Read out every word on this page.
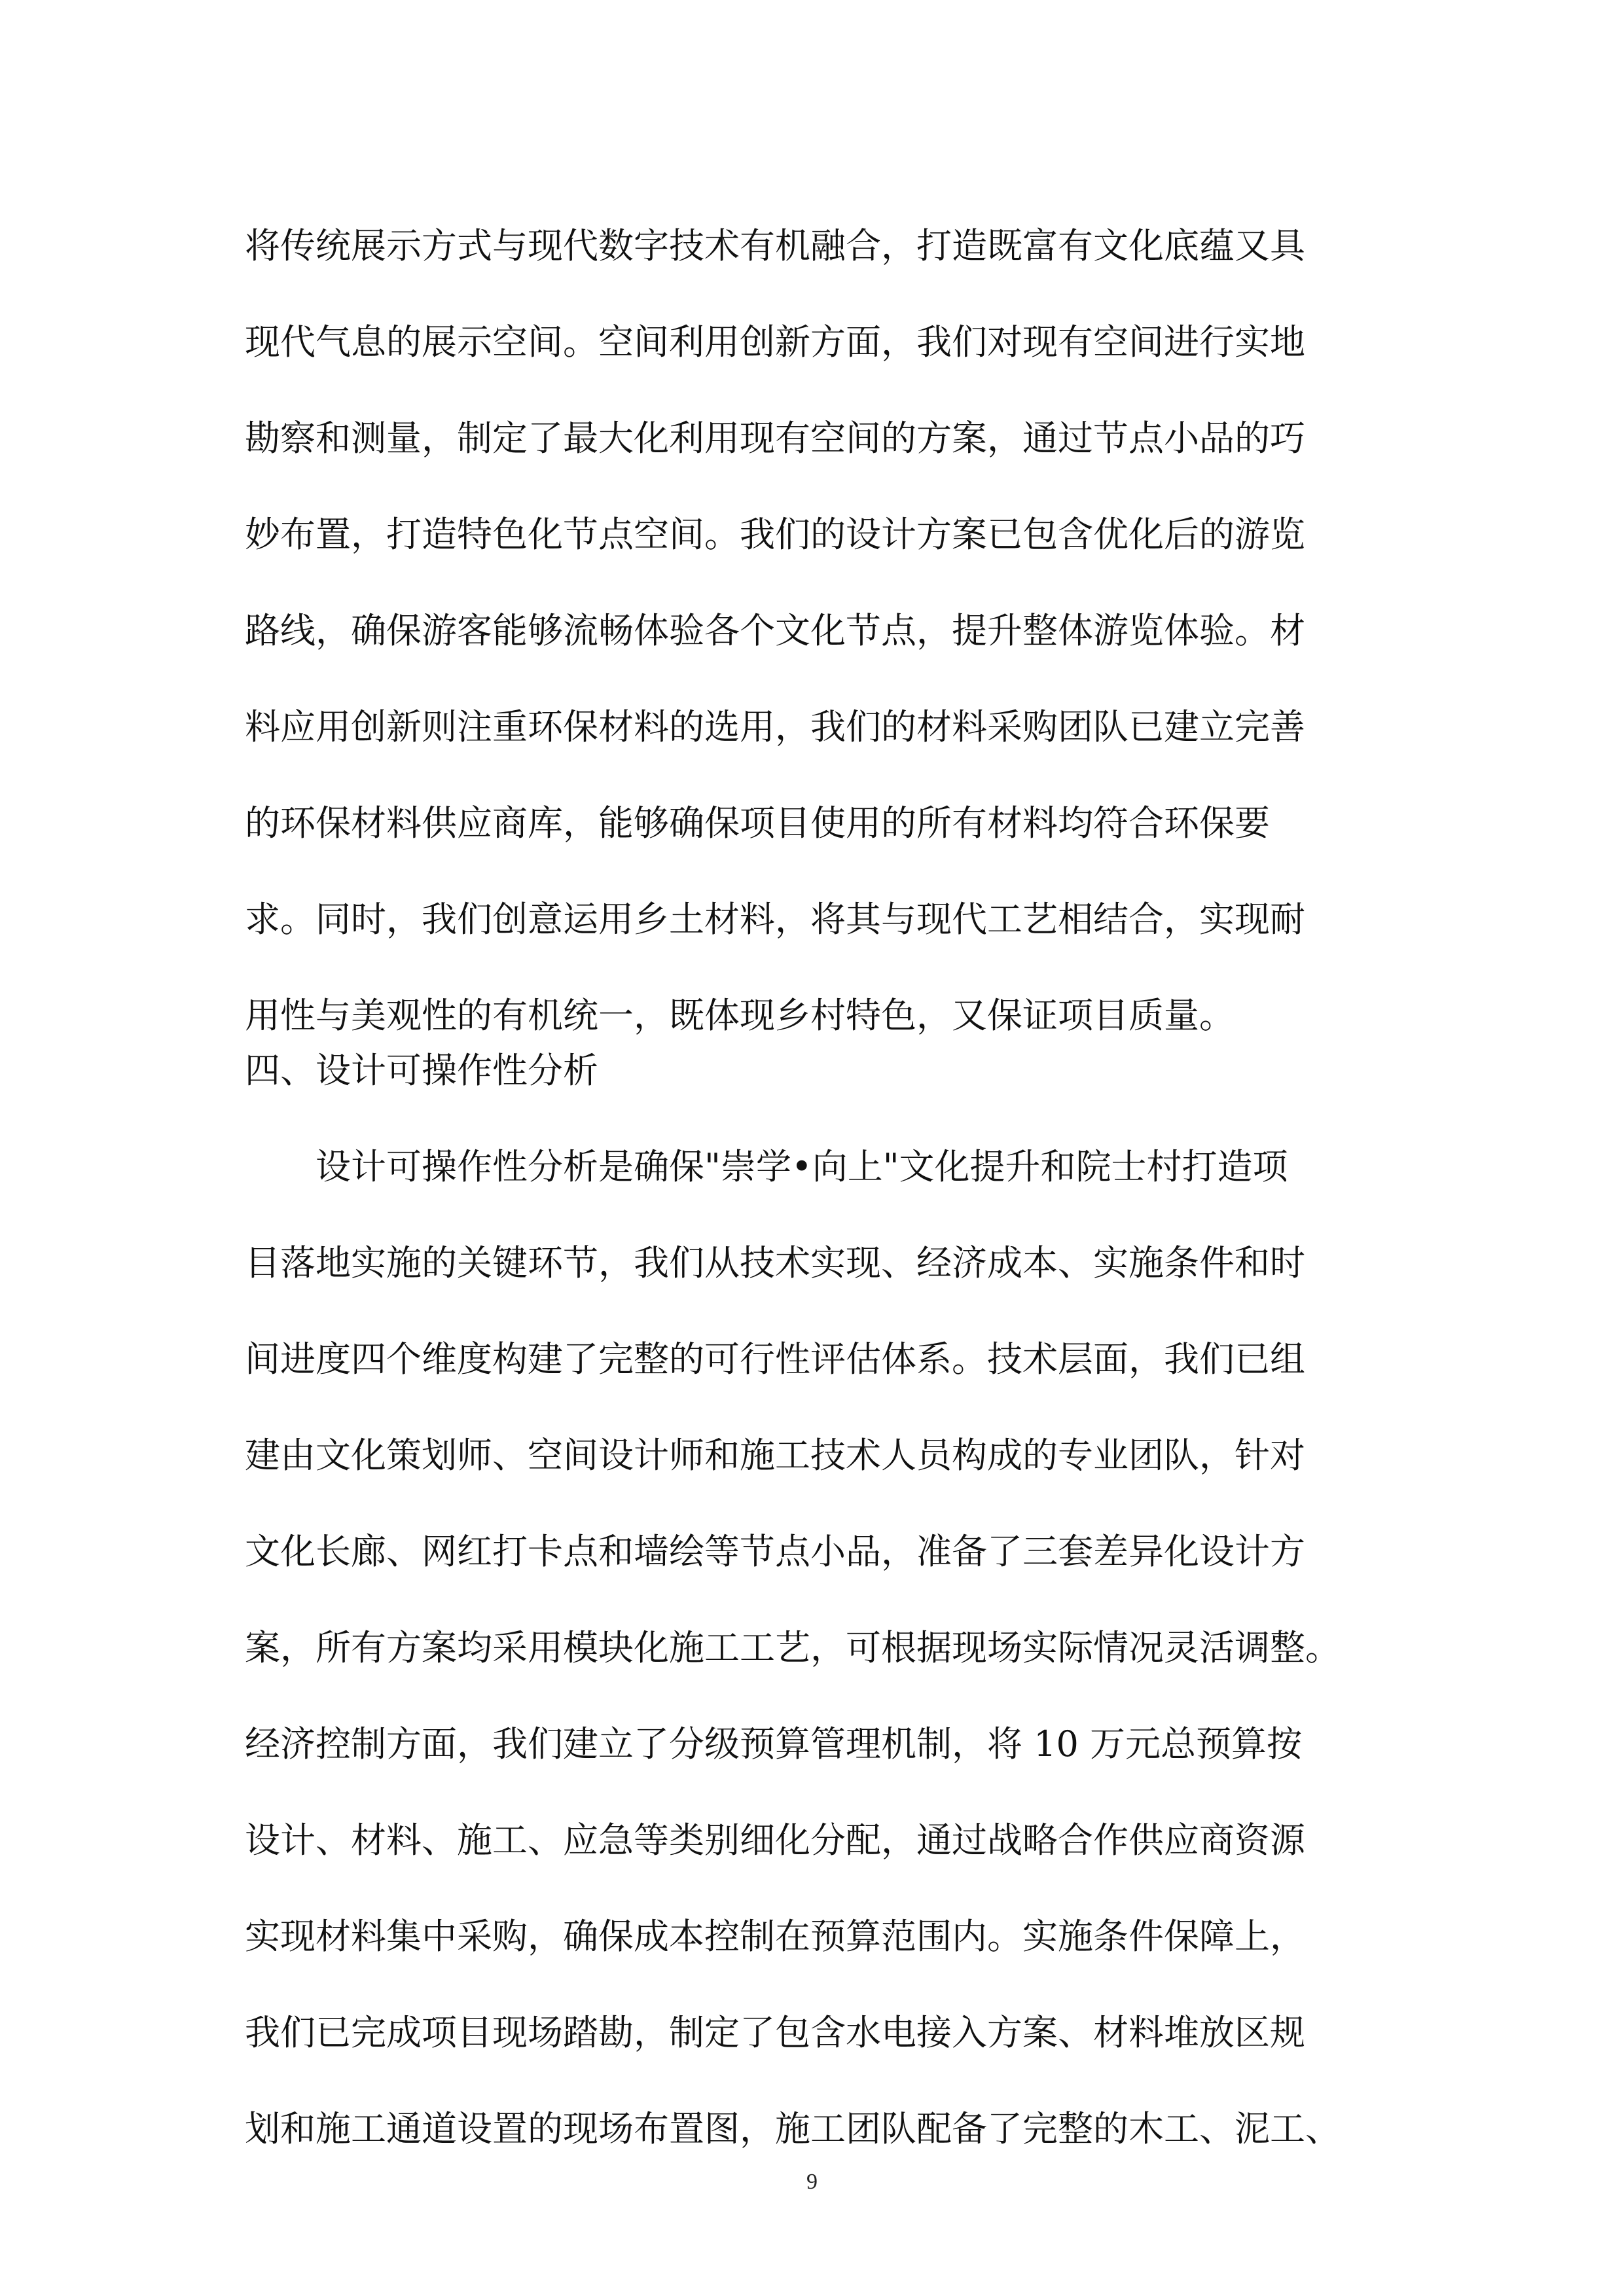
将传统展示方式与现代数字技术有机融合，打造既富有文化底蕴又具
现代气息的展示空间。空间利用创新方面，我们对现有空间进行实地
勘察和测量，制定了最大化利用现有空间的方案，通过节点小品的巧
妙布置，打造特色化节点空间。我们的设计方案已包含优化后的游览
路线，确保游客能够流畅体验各个文化节点，提升整体游览体验。材
料应用创新则注重环保材料的选用，我们的材料采购团队已建立完善
的环保材料供应商库，能够确保项目使用的所有材料均符合环保要
求。同时，我们创意运用乡土材料，将其与现代工艺相结合，实现耐
用性与美观性的有机统一，既体现乡村特色，又保证项目质量。
四、设计可操作性分析
　　设计可操作性分析是确保"崇学•向上"文化提升和院士村打造项
目落地实施的关键环节，我们从技术实现、经济成本、实施条件和时
间进度四个维度构建了完整的可行性评估体系。技术层面，我们已组
建由文化策划师、空间设计师和施工技术人员构成的专业团队，针对
文化长廊、网红打卡点和墙绘等节点小品，准备了三套差异化设计方
案，所有方案均采用模块化施工工艺，可根据现场实际情况灵活调整。
经济控制方面，我们建立了分级预算管理机制，将 10 万元总预算按
设计、材料、施工、应急等类别细化分配，通过战略合作供应商资源
实现材料集中采购，确保成本控制在预算范围内。实施条件保障上，
我们已完成项目现场踏勘，制定了包含水电接入方案、材料堆放区规
划和施工通道设置的现场布置图，施工团队配备了完整的木工、泥工、
9
